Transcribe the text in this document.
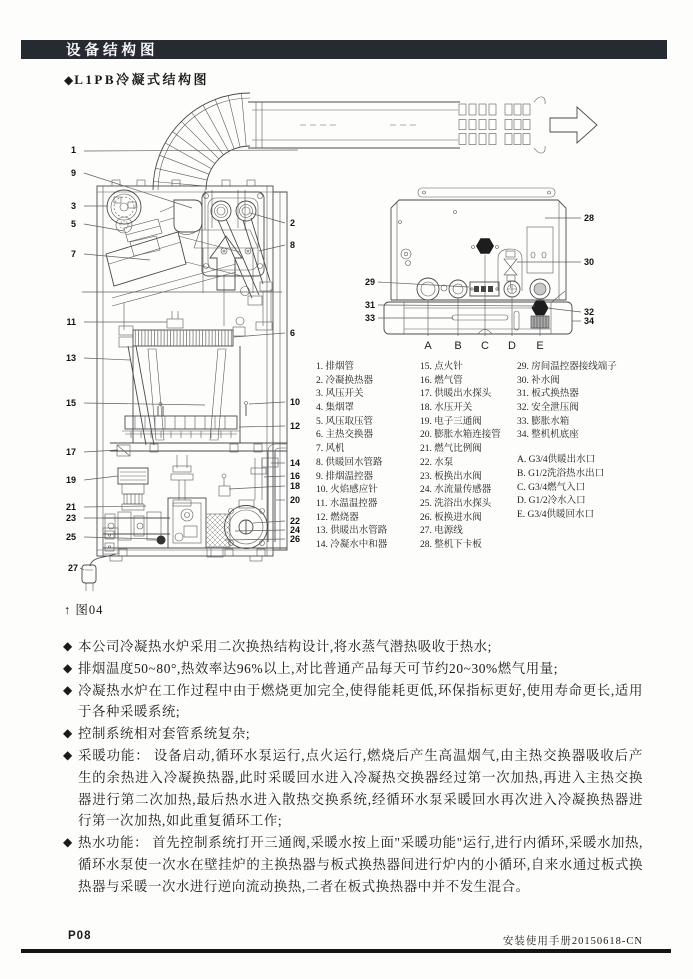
设备结构图
◆L1PB冷凝式结构图
1
9
3
5
7
11
13
15
17
19
21
23
25
27
2
8
6
10
12
14
16
18
20
22
24
26
28
30
32
34
29
31
33
A B C D E
1. 排烟管
2. 冷凝换热器
3. 风压开关
4. 集烟罩
5. 风压取压管
6. 主热交换器
7. 风机
8. 供暖回水管路
9. 排烟温控器
10. 火焰感应针
11. 水温温控器
12. 燃烧器
13. 供暖出水管路
14. 冷凝水中和器
15. 点火针
16. 燃气管
17. 供暖出水探头
18. 水压开关
19. 电子三通阀
20. 膨胀水箱连接管
21. 燃气比例阀
22. 水泵
23. 板换出水阀
24. 水流量传感器
25. 洗浴出水探头
26. 板换进水阀
27. 电源线
28. 整机下卡板
29. 房间温控器接线端子
30. 补水阀
31. 板式换热器
32. 安全泄压阀
33. 膨胀水箱
34. 整机机底座
A. G3/4供暖出水口
B. G1/2洗浴热水出口
C. G3/4燃气入口
D. G1/2冷水入口
E. G3/4供暖回水口
↑ 图04
◆ 本公司冷凝热水炉采用二次换热结构设计,将水蒸气潜热吸收于热水;
◆ 排烟温度50~80°,热效率达96%以上,对比普通产品每天可节约20~30%燃气用量;
◆ 冷凝热水炉在工作过程中由于燃烧更加完全,使得能耗更低,环保指标更好,使用寿命更长,适用于各种采暖系统;
◆ 控制系统相对套管系统复杂;
◆ 采暖功能： 设备启动,循环水泵运行,点火运行,燃烧后产生高温烟气,由主热交换器吸收后产生的余热进入冷凝换热器,此时采暖回水进入冷凝热交换器经过第一次加热,再进入主热交换器进行第二次加热,最后热水进入散热交换系统,经循环水泵采暖回水再次进入冷凝换热器进行第一次加热,如此重复循环工作;
◆ 热水功能： 首先控制系统打开三通阀,采暖水按上面"采暖功能"运行,进行内循环,采暖水加热,循环水泵使一次水在壁挂炉的主换热器与板式换热器间进行炉内的小循环,自来水通过板式换热器与采暖一次水进行逆向流动换热,二者在板式换热器中并不发生混合。
P08	安装使用手册20150618-CN
